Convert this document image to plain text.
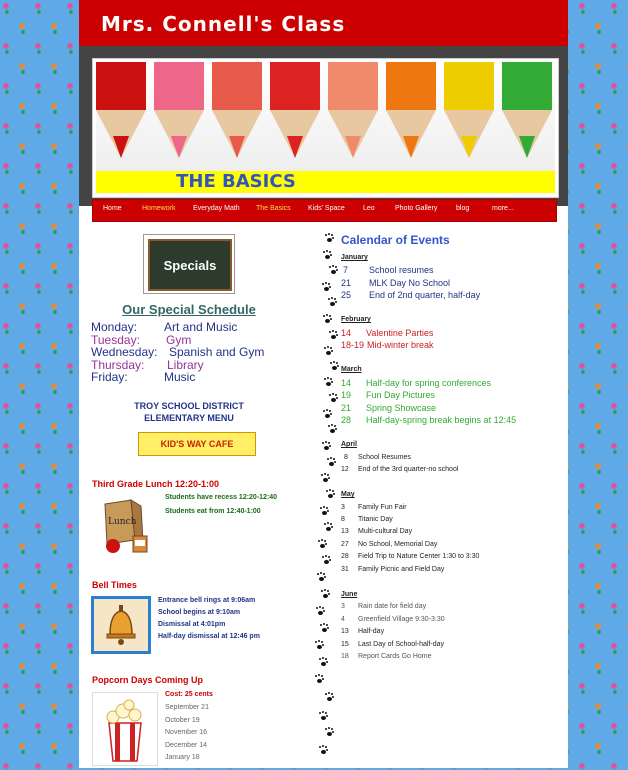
Mrs. Connell's Class
THE BASICS
Home	Homework	Everyday Math The Basics Kids' Space	Leo	Photo Gallery	blog	more...
Specials
Our Special Schedule
Monday: Art and Music
Tuesday: Gym
Wednesday: Spanish and Gym
Thursday: Library
Friday:	Music
TROY SCHOOL DISTRICT
ELEMENTARY MENU
KID'S WAY CAFE
Third Grade Lunch 12:20-1:00
Lunch
Students have recess 12:20-12:40
Students eat from 12:40-1:00
Bell Times
Entrance bell rings at 9:06am
School begins at 9:10am
Dismissal at 4:01pm
Half-day dismissal at 12:46 pm
Popcorn Days Coming Up
Cost: 25 cents
September 21
October 19
November 16
December 14
January 18
Calendar of Events
January
7 School resumes
21 MLK Day No School
25 End of 2nd quarter, half-day
February
14 Valentine Parties
18-19 Mid-winter break
March
14 Half-day for spring conferences
19 Fun Day Pictures
21 Spring Showcase
28 Half-day-spring break begins at 12:45
April
8 School Resumes
12 End of the 3rd quarter-no school
May
3 Family Fun Fair
8 Titanic Day
13 Multi-cultural Day
27 No School, Memorial Day
28 Field Trip to Nature Center 1:30 to 3:30
31 Family Picnic and Field Day
June
3 Rain date for field day
4 Greenfield Village 9:30-3:30
13 Half-day
15 Last Day of School-half-day
18 Report Cards Go Home
